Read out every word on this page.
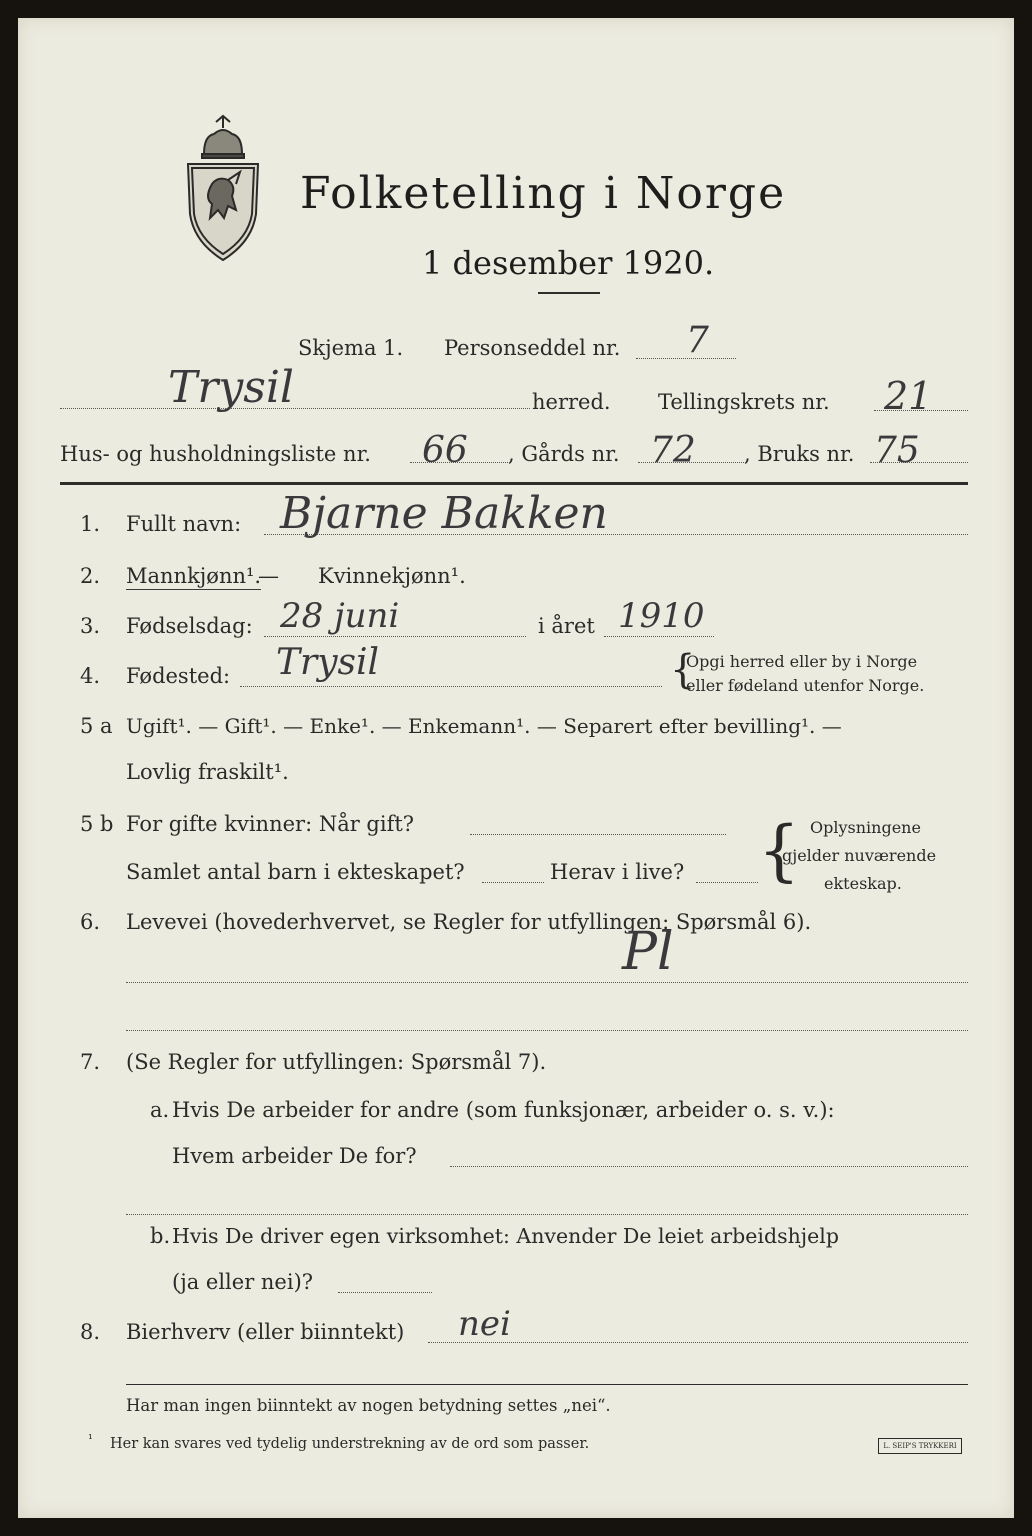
Folketelling i Norge
1 desember 1920.
Skjema 1. Personseddel nr. 7
Trysil	herred. Tellingskrets nr. 21
Hus- og husholdningsliste nr. 66 , Gårds nr. 72 , Bruks nr. 75
1. Fullt navn: Bjarne Bakken
2. Mannkjønn¹.
— Kvinnekjønn¹.
3. Fødselsdag: 28 juni	i året 1910
4. Fødested: Trysil	{
Opgi herred eller by i Norge
eller fødeland utenfor Norge.
5 a Ugift¹. — Gift¹. — Enke¹. — Enkemann¹. — Separert efter bevilling¹. —
Lovlig fraskilt¹.
5 b For gifte kvinner: Når gift?
Samlet antal barn i ekteskapet?	Herav i live? { Oplysningene
gjelder nuværende
ekteskap.
6. Levevei (hovederhvervet, se Regler for utfyllingen: Spørsmål 6).
Pl
7. (Se Regler for utfyllingen: Spørsmål 7).
a. Hvis De arbeider for andre (som funksjonær, arbeider o. s. v.):
Hvem arbeider De for?
b. Hvis De driver egen virksomhet: Anvender De leiet arbeidshjelp
(ja eller nei)?
8. Bierhverv (eller biinntekt) nei
Har man ingen biinntekt av nogen betydning settes „nei“.
¹ Her kan svares ved tydelig understrekning av de ord som passer.	L. SEIP'S TRYKKERI
